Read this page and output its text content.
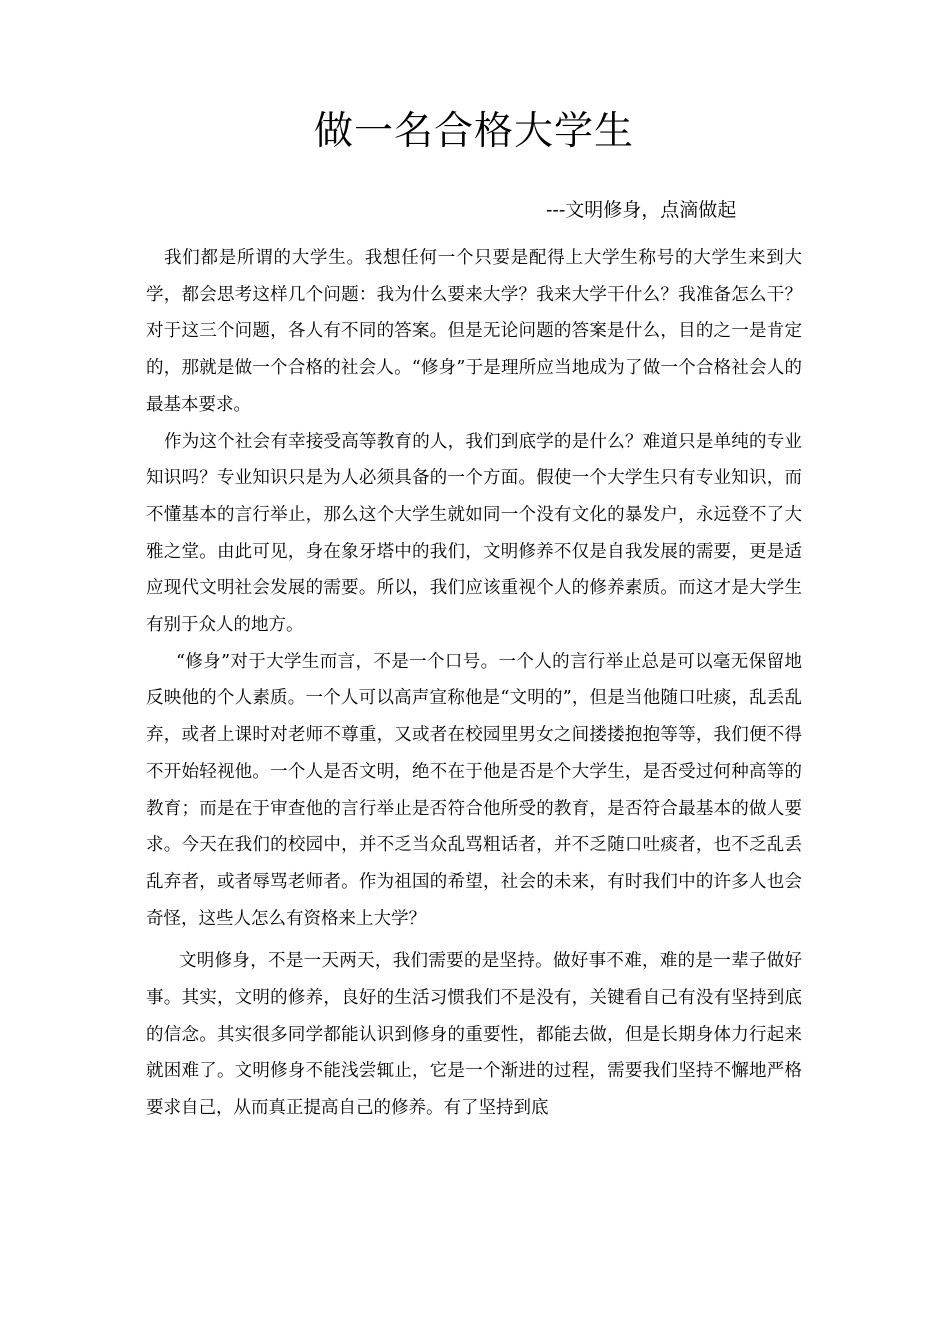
做一名合格大学生

---文明修身，点滴做起

我们都是所谓的大学生。我想任何一个只要是配得上大学生称号的大学生来到大学，都会思考这样几个问题：我为什么要来大学？我来大学干什么？我准备怎么干？对于这三个问题，各人有不同的答案。但是无论问题的答案是什么，目的之一是肯定的，那就是做一个合格的社会人。“修身”于是理所应当地成为了做一个合格社会人的最基本要求。

作为这个社会有幸接受高等教育的人，我们到底学的是什么？难道只是单纯的专业知识吗？专业知识只是为人必须具备的一个方面。假使一个大学生只有专业知识，而不懂基本的言行举止，那么这个大学生就如同一个没有文化的暴发户，永远登不了大雅之堂。由此可见，身在象牙塔中的我们，文明修养不仅是自我发展的需要，更是适应现代文明社会发展的需要。所以，我们应该重视个人的修养素质。而这才是大学生有别于众人的地方。

“修身”对于大学生而言，不是一个口号。一个人的言行举止总是可以毫无保留地反映他的个人素质。一个人可以高声宣称他是“文明的”，但是当他随口吐痰，乱丢乱弃，或者上课时对老师不尊重，又或者在校园里男女之间搂搂抱抱等等，我们便不得不开始轻视他。一个人是否文明，绝不在于他是否是个大学生，是否受过何种高等的教育；而是在于审查他的言行举止是否符合他所受的教育，是否符合最基本的做人要求。今天在我们的校园中，并不乏当众乱骂粗话者，并不乏随口吐痰者，也不乏乱丢乱弃者，或者辱骂老师者。作为祖国的希望，社会的未来，有时我们中的许多人也会奇怪，这些人怎么有资格来上大学？

文明修身，不是一天两天，我们需要的是坚持。做好事不难，难的是一辈子做好事。其实，文明的修养，良好的生活习惯我们不是没有，关键看自己有没有坚持到底的信念。其实很多同学都能认识到修身的重要性，都能去做，但是长期身体力行起来就困难了。文明修身不能浅尝辄止，它是一个渐进的过程，需要我们坚持不懈地严格要求自己，从而真正提高自己的修养。有了坚持到底
